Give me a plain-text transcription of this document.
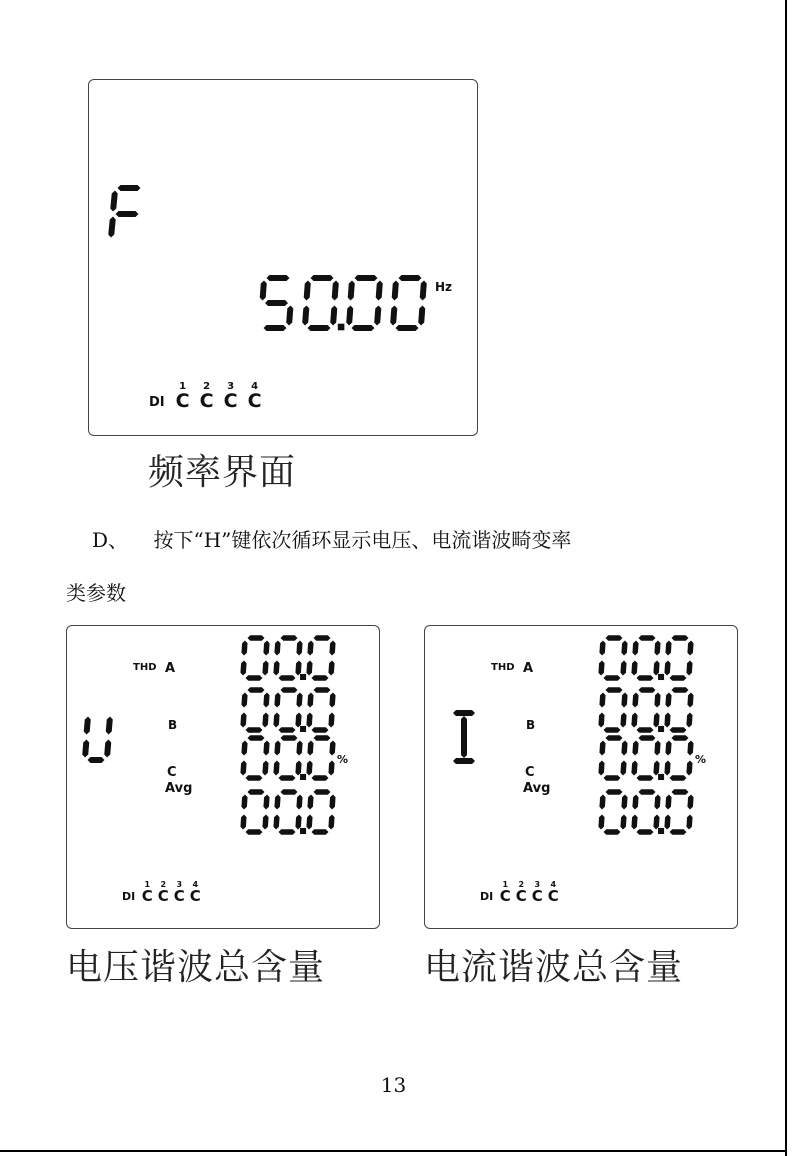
Hz
DI
1
C
2
C
3
C
4
C
频率界面
D、    按下“H”键依次循环显示电压、电流谐波畸变率
类参数
THD A
B
C
Avg
%
DI
1
C
2
C
3
C
4
C
电压谐波总含量
THD A
B
C
Avg
%
DI
1
C
2
C
3
C
4
C
电流谐波总含量
13
